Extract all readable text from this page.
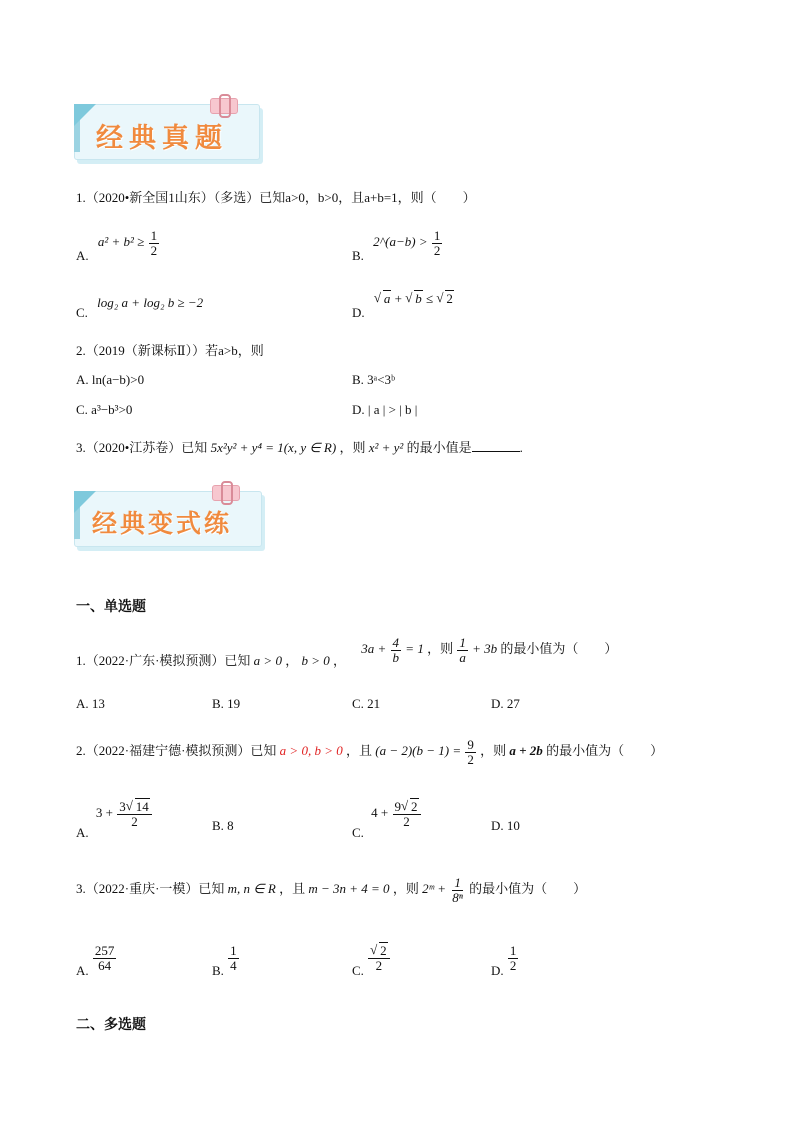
经典真题
1.（2020•新全国1山东）（多选）已知a>0，b>0，且a+b=1，则（　　）
A. $a^2 + b^2 \ge \frac{1}{2}$	B. 2^(a−b) > $\frac{1}{2}$
C. log₂ a + log₂ b ≥ −2
D. √ a + √ b ≤ √ 2
2.（2019（新课标Ⅱ））若a>b，则
A. ln(a−b)>0	B. 3ᵃ<3ᵇ
C. a³−b³>0	D. | a | > | b |
3.（2020•江苏卷）已知 5x²y² + y⁴ = 1(x, y ∈ R) ，则 x² + y² 的最小值是	.
经典变式练
一、单选题
1.（2022·广东·模拟预测）已知 a > 0 ， b > 0 ， $3a + \frac{4}{b} = 1$ ，则 $\frac{1}{a} + 3b$ 的最小值为（　　）
A. 13	B. 19	C. 21	D. 27
2.（2022·福建宁德·模拟预测）已知 a > 0, b > 0 ，且 $(a - 2)(b - 1) = \frac{9}{2}$ ，则 a + 2b 的最小值为（　　）
A. $3 + \frac{3 √ 14}{2}$	B. 8	C. $4 + \frac{9 √ 2}{2}$	D. 10
3.（2022·重庆·一模）已知 m, n ∈ R ，且 m − 3n + 4 = 0 ，则 2ᵐ + $\frac{1}{\text{8ⁿ}}$ 的最小值为（　　）
A. $\frac{257}{64}$	B. $\frac{1}{4}$	C. √ $\frac{2}{2}$	D. $\frac{1}{2}$
二、多选题
